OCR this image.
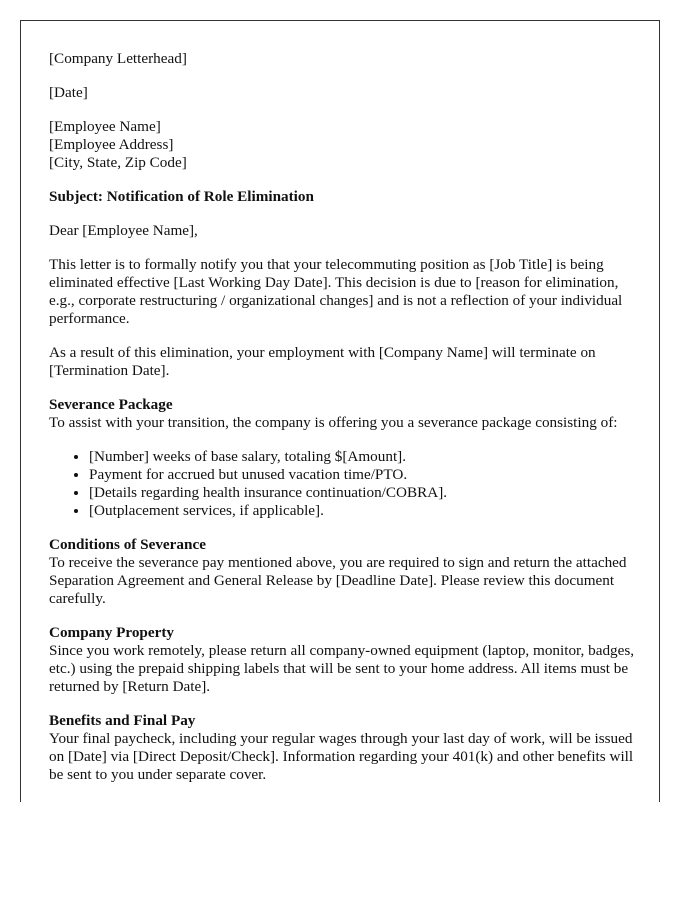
[Company Letterhead]

[Date]

[Employee Name]
[Employee Address]
[City, State, Zip Code]

Subject: Notification of Role Elimination

Dear [Employee Name],

This letter is to formally notify you that your telecommuting position as [Job Title] is being eliminated effective [Last Working Day Date]. This decision is due to [reason for elimination, e.g., corporate restructuring / organizational changes] and is not a reflection of your individual performance.

As a result of this elimination, your employment with [Company Name] will terminate on [Termination Date].

Severance Package

To assist with your transition, the company is offering you a severance package consisting of:

• [Number] weeks of base salary, totaling $[Amount].
• Payment for accrued but unused vacation time/PTO.
• [Details regarding health insurance continuation/COBRA].
• [Outplacement services, if applicable].
Conditions of Severance

To receive the severance pay mentioned above, you are required to sign and return the attached Separation Agreement and General Release by [Deadline Date]. Please review this document carefully.

Company Property

Since you work remotely, please return all company-owned equipment (laptop, monitor, badges, etc.) using the prepaid shipping labels that will be sent to your home address. All items must be returned by [Return Date].

Benefits and Final Pay

Your final paycheck, including your regular wages through your last day of work, will be issued on [Date] via [Direct Deposit/Check]. Information regarding your 401(k) and other benefits will be sent to you under separate cover.
